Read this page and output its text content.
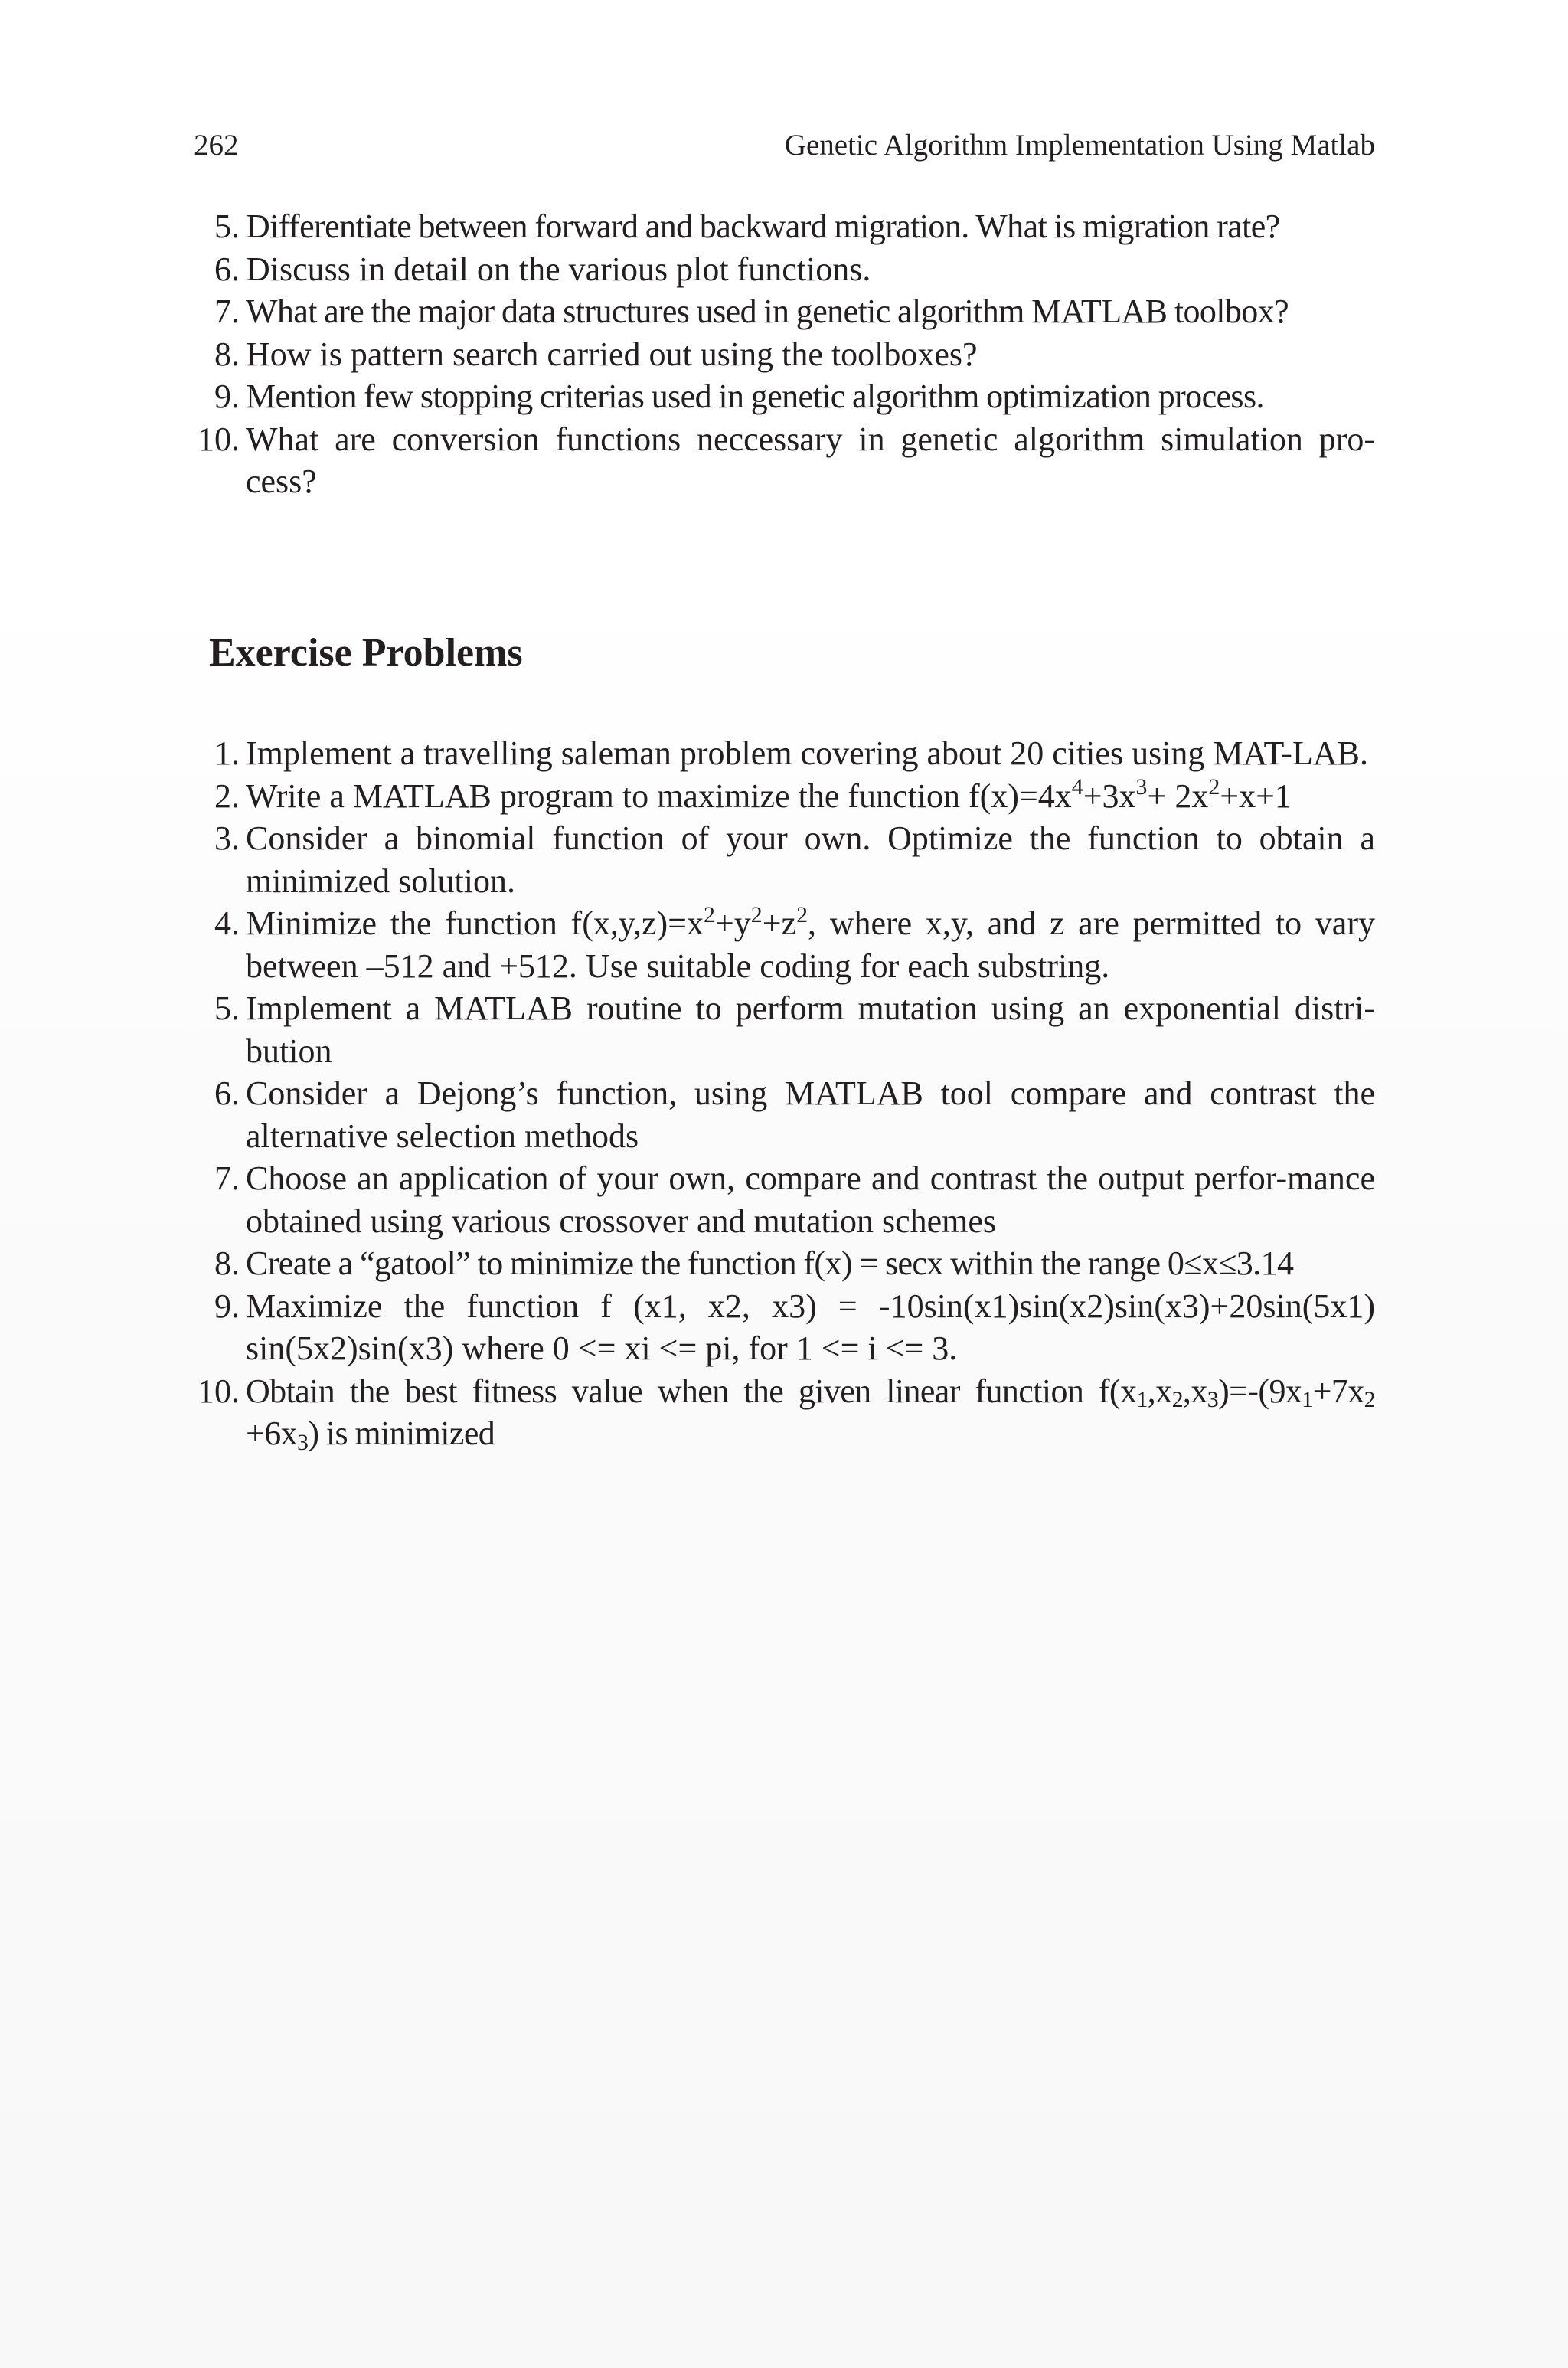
262	Genetic Algorithm Implementation Using Matlab
5. Differentiate between forward and backward migration. What is migration rate?
6. Discuss in detail on the various plot functions.
7. What are the major data structures used in genetic algorithm MATLAB toolbox?
8. How is pattern search carried out using the toolboxes?
9. Mention few stopping criterias used in genetic algorithm optimization process.
10. What are conversion functions neccessary in genetic algorithm simulation pro-cess?
Exercise Problems
1. Implement a travelling saleman problem covering about 20 cities using MAT-LAB.
2. Write a MATLAB program to maximize the function $f(x)=4x^4+3x^3+ 2x^2+x+1$
3. Consider a binomial function of your own. Optimize the function to obtain a minimized solution.
4. Minimize the function $f(x,y,z)=x^2+y^2+z^2$, where x,y, and z are permitted to vary between –512 and +512. Use suitable coding for each substring.
5. Implement a MATLAB routine to perform mutation using an exponential distri-bution
6. Consider a Dejong’s function, using MATLAB tool compare and contrast the alternative selection methods
7. Choose an application of your own, compare and contrast the output perfor-mance obtained using various crossover and mutation schemes
8. Create a “gatool” to minimize the function f(x) = secx within the range 0≤x≤3.14
9. Maximize the function f (x1, x2, x3) = -10sin(x1)sin(x2)sin(x3)+20sin(5x1) sin(5x2)sin(x3) where 0 <= xi <= pi, for 1 <= i <= 3.
10. Obtain the best fitness value when the given linear function $f(x_1,x_2,x_3)=-(9x_1+7x_2 +6x_3)$ is minimized
